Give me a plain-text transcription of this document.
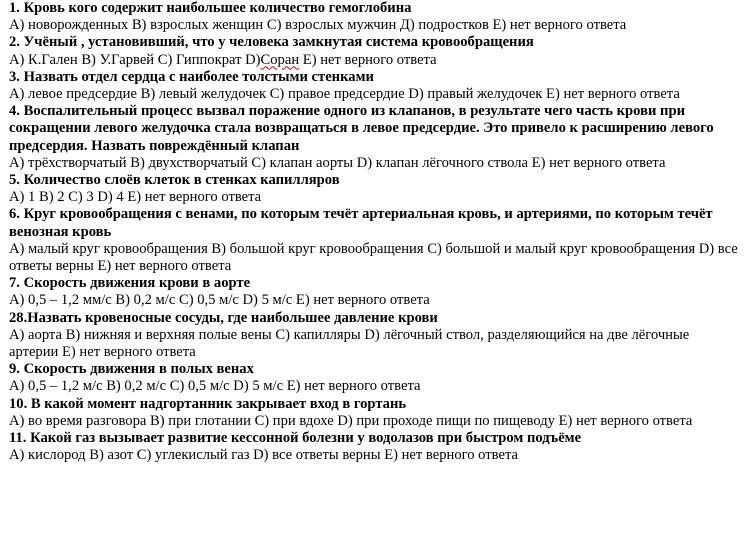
1. Кровь кого содержит наибольшее количество гемоглобина

A) новорожденных B) взрослых женщин C) взрослых мужчин Д) подростков E) нет верного ответа

2. Учёный , установивший, что у человека замкнутая система кровообращения

A) К.Гален B) У.Гарвей C) Гиппократ D)Соран E) нет верного ответа

3. Назвать отдел сердца с наиболее толстыми стенками

A) левое предсердие B) левый желудочек C) правое предсердие D) правый желудочек E) нет верного ответа

4. Воспалительный процесс вызвал поражение одного из клапанов, в результате чего часть крови при сокращении левого желудочка стала возвращаться в левое предсердие. Это привело к расширению левого предсердия. Назвать повреждённый клапан

A) трёхстворчатый B) двухстворчатый C) клапан аорты D) клапан лёгочного ствола E) нет верного ответа

5. Количество слоёв клеток в стенках капилляров

A) 1 B) 2 C) 3 D) 4 E) нет верного ответа

6. Круг кровообращения с венами, по которым течёт артериальная кровь, и артериями, по которым течёт венозная кровь

A) малый круг кровообращения B) большой круг кровообращения C) большой и малый круг кровообращения D) все ответы верны E) нет верного ответа

7. Скорость движения крови в аорте

A) 0,5 – 1,2 мм/с B) 0,2 м/с C) 0,5 м/с D) 5 м/с E) нет верного ответа

28.Назвать кровеносные сосуды, где наибольшее давление крови

A) аорта B) нижняя и верхняя полые вены C) капилляры D) лёгочный ствол, разделяющийся на две лёгочные артерии E) нет верного ответа

9. Скорость движения в полых венах

A) 0,5 – 1,2 м/с B) 0,2 м/с C) 0,5 м/с D) 5 м/с E) нет верного ответа

10. В какой момент надгортанник закрывает вход в гортань

A) во время разговора B) при глотании C) при вдохе D) при проходе пищи по пищеводу E) нет верного ответа

11. Какой газ вызывает развитие кессонной болезни у водолазов при быстром подъёме

A) кислород B) азот C) углекислый газ D) все ответы верны E) нет верного ответа
